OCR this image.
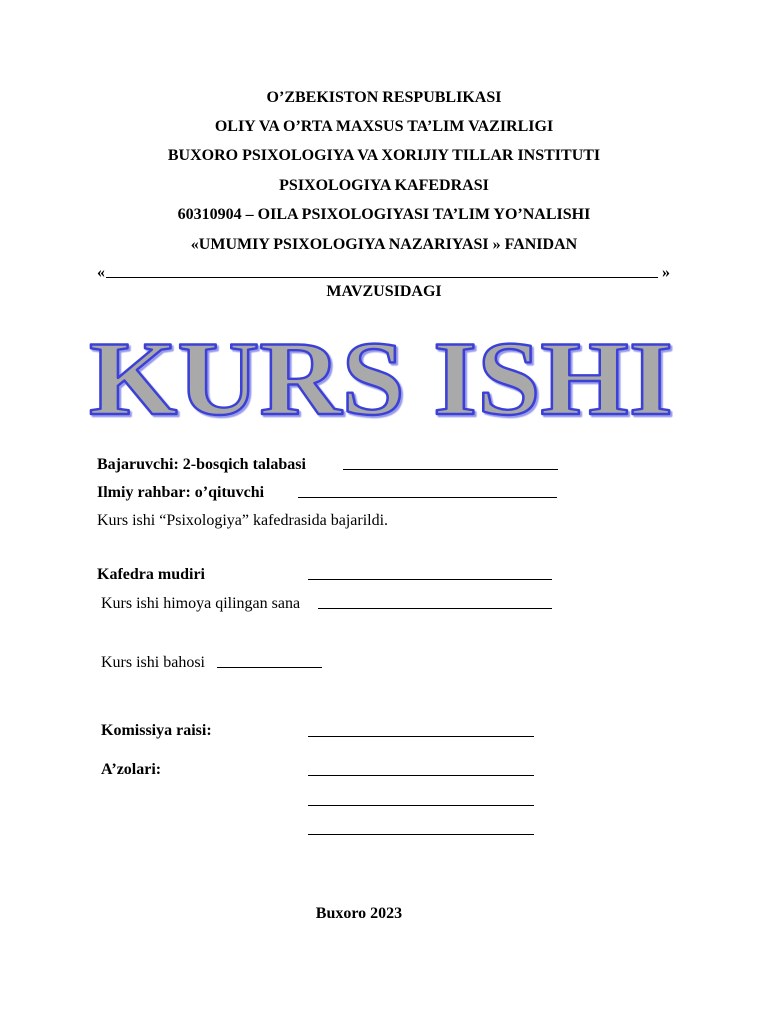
O’ZBEKISTON RESPUBLIKASI
OLIY VA O’RTA MAXSUS TA’LIM VAZIRLIGI
BUXORO PSIXOLOGIYA VA XORIJIY TILLAR INSTITUTI
PSIXOLOGIYA KAFEDRASI
60310904 – OILA PSIXOLOGIYASI TA’LIM YO’NALISHI
«UMUMIY PSIXOLOGIYA NAZARIYASI » FANIDAN
«	»
MAVZUSIDAGI
KURS ISHI
Bajaruvchi: 2-bosqich talabasi
Ilmiy rahbar: o’qituvchi
Kurs ishi “Psixologiya” kafedrasida bajarildi.
Kafedra mudiri
Kurs ishi himoya qilingan sana
Kurs ishi bahosi
Komissiya raisi:
A’zolari:
Buxoro 2023
